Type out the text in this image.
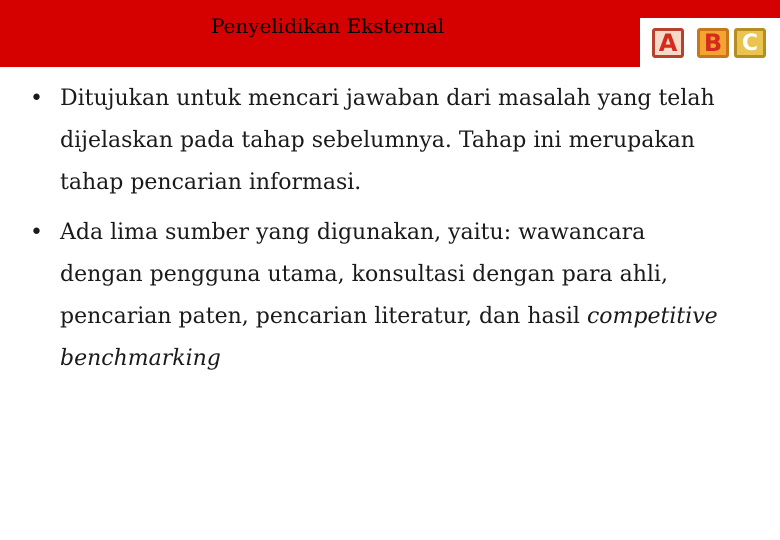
Penyelidikan Eksternal
A B C
• Ditujukan untuk mencari jawaban dari masalah yang telah dijelaskan pada tahap sebelumnya. Tahap ini merupakan tahap pencarian informasi.
• Ada lima sumber yang digunakan, yaitu: wawancara dengan pengguna utama, konsultasi dengan para ahli, pencarian paten, pencarian literatur, dan hasil competitive benchmarking
